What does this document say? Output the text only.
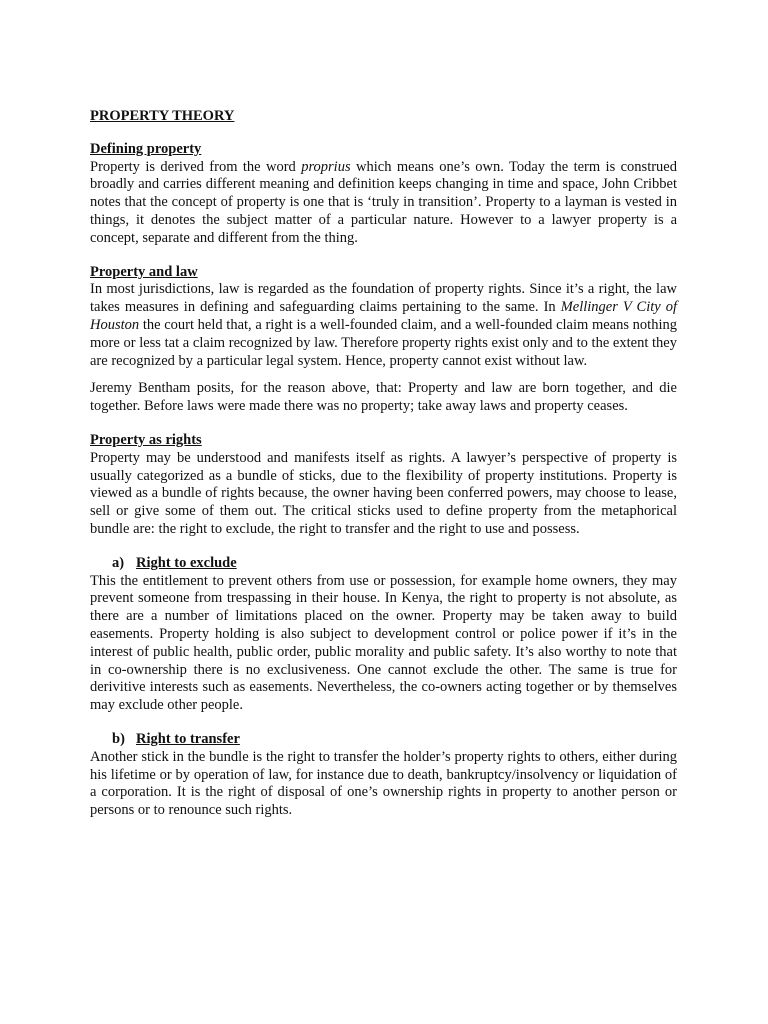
PROPERTY THEORY

Defining property

Property is derived from the word proprius which means one’s own. Today the term is construed broadly and carries different meaning and definition keeps changing in time and space, John Cribbet notes that the concept of property is one that is ‘truly in transition’. Property to a layman is vested in things, it denotes the subject matter of a particular nature. However to a lawyer property is a concept, separate and different from the thing.

Property and law

In most jurisdictions, law is regarded as the foundation of property rights. Since it’s a right, the law takes measures in defining and safeguarding claims pertaining to the same. In Mellinger V City of Houston the court held that, a right is a well-founded claim, and a well-founded claim means nothing more or less tat a claim recognized by law. Therefore property rights exist only and to the extent they are recognized by a particular legal system. Hence, property cannot exist without law.

Jeremy Bentham posits, for the reason above, that: Property and law are born together, and die together. Before laws were made there was no property; take away laws and property ceases.

Property as rights

Property may be understood and manifests itself as rights. A lawyer’s perspective of property is usually categorized as a bundle of sticks, due to the flexibility of property institutions. Property is viewed as a bundle of rights because, the owner having been conferred powers, may choose to lease, sell or give some of them out. The critical sticks used to define property from the metaphorical bundle are: the right to exclude, the right to transfer and the right to use and possess.

a) Right to exclude

This the entitlement to prevent others from use or possession, for example home owners, they may prevent someone from trespassing in their house. In Kenya, the right to property is not absolute, as there are a number of limitations placed on the owner. Property may be taken away to build easements. Property holding is also subject to development control or police power if it’s in the interest of public health, public order, public morality and public safety. It’s also worthy to note that in co-ownership there is no exclusiveness. One cannot exclude the other. The same is true for derivitive interests such as easements. Nevertheless, the co-owners acting together or by themselves may exclude other people.

b) Right to transfer

Another stick in the bundle is the right to transfer the holder’s property rights to others, either during his lifetime or by operation of law, for instance due to death, bankruptcy/insolvency or liquidation of a corporation. It is the right of disposal of one’s ownership rights in property to another person or persons or to renounce such rights.
